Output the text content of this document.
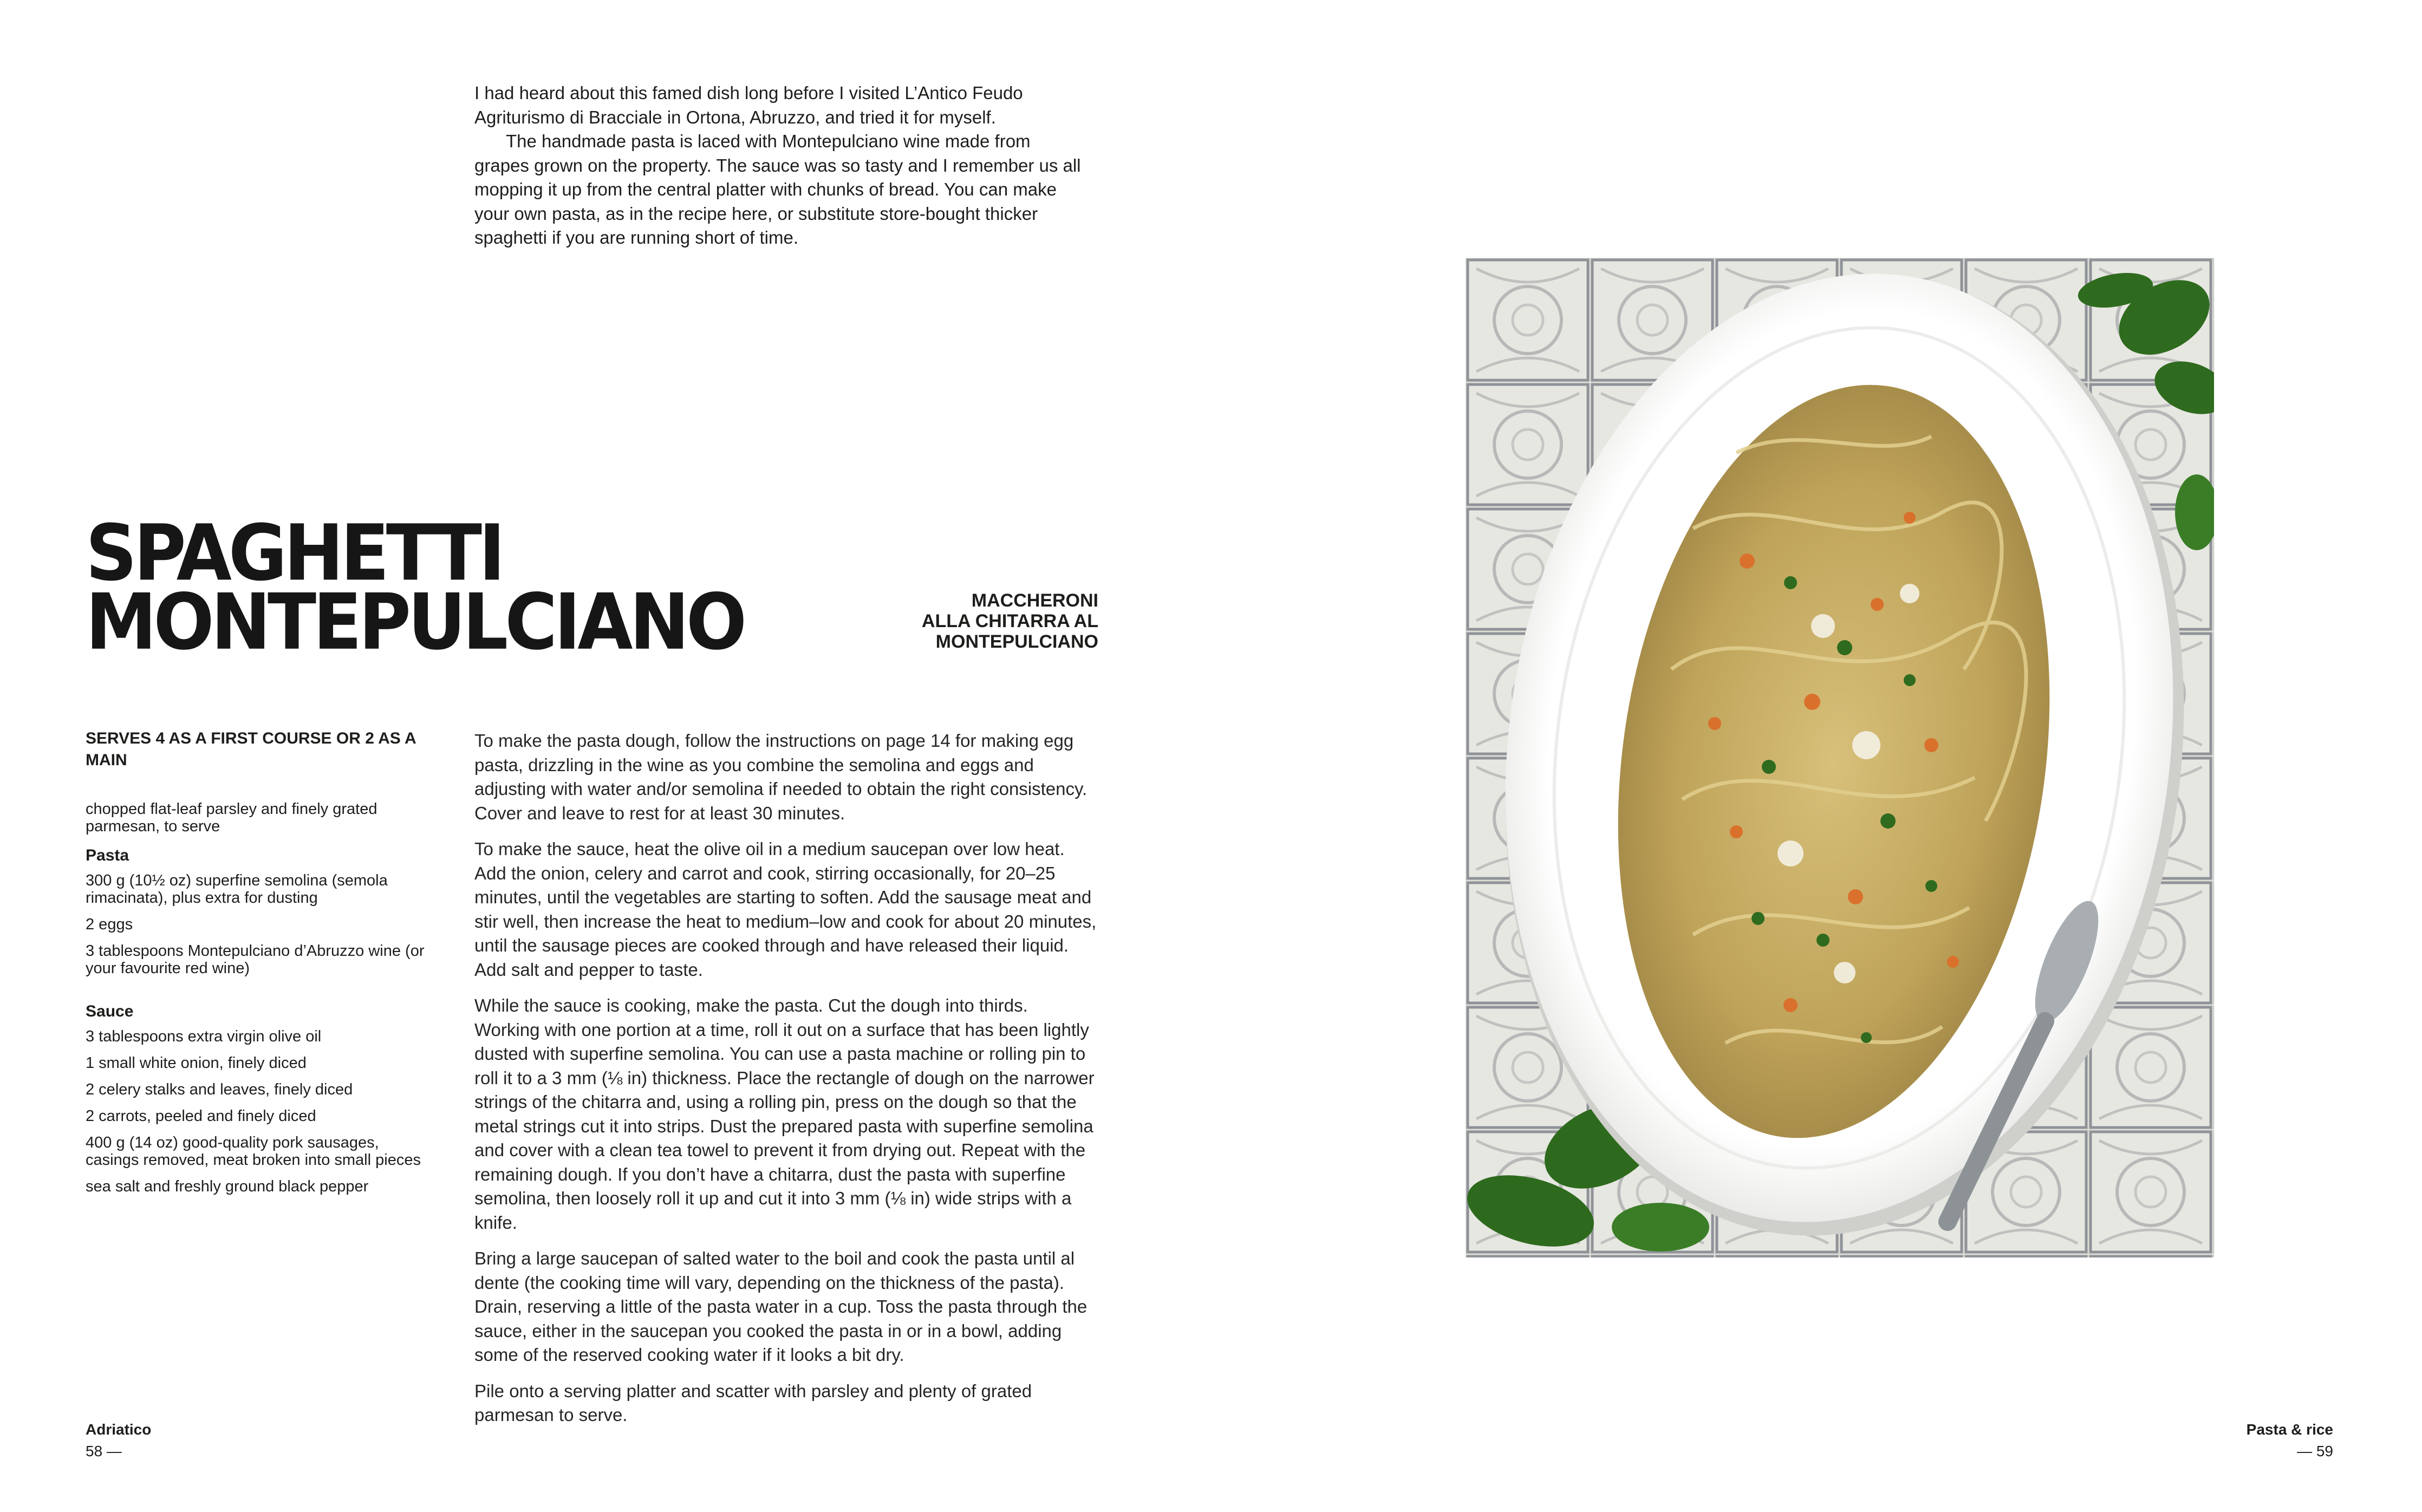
I had heard about this famed dish long before I visited L’Antico Feudo Agriturismo di Bracciale in Ortona, Abruzzo, and tried it for myself.

The handmade pasta is laced with Montepulciano wine made from grapes grown on the property. The sauce was so tasty and I remember us all mopping it up from the central platter with chunks of bread. You can make your own pasta, as in the recipe here, or substitute store-bought thicker spaghetti if you are running short of time.

SPAGHETTI
MONTEPULCIANO	MACCHERONI
ALLA CHITARRA AL
MONTEPULCIANO

SERVES 4 AS A FIRST COURSE OR 2 AS A MAIN

chopped flat-leaf parsley and finely grated parmesan, to serve
Pasta
300 g (10½ oz) superfine semolina (semola rimacinata), plus extra for dusting
2 eggs
3 tablespoons Montepulciano d’Abruzzo wine (or your favourite red wine)
Sauce
3 tablespoons extra virgin olive oil
1 small white onion, finely diced
2 celery stalks and leaves, finely diced
2 carrots, peeled and finely diced
400 g (14 oz) good-quality pork sausages, casings removed, meat broken into small pieces
sea salt and freshly ground black pepper

To make the pasta dough, follow the instructions on page 14 for making egg pasta, drizzling in the wine as you combine the semolina and eggs and adjusting with water and/or semolina if needed to obtain the right consistency. Cover and leave to rest for at least 30 minutes.

To make the sauce, heat the olive oil in a medium saucepan over low heat. Add the onion, celery and carrot and cook, stirring occasionally, for 20–25 minutes, until the vegetables are starting to soften. Add the sausage meat and stir well, then increase the heat to medium–low and cook for about 20 minutes, until the sausage pieces are cooked through and have released their liquid. Add salt and pepper to taste.

While the sauce is cooking, make the pasta. Cut the dough into thirds. Working with one portion at a time, roll it out on a surface that has been lightly dusted with superfine semolina. You can use a pasta machine or rolling pin to roll it to a 3 mm (⅛ in) thickness. Place the rectangle of dough on the narrower strings of the chitarra and, using a rolling pin, press on the dough so that the metal strings cut it into strips. Dust the prepared pasta with superfine semolina and cover with a clean tea towel to prevent it from drying out. Repeat with the remaining dough. If you don’t have a chitarra, dust the pasta with superfine semolina, then loosely roll it up and cut it into 3 mm (⅛ in) wide strips with a knife.

Bring a large saucepan of salted water to the boil and cook the pasta until al dente (the cooking time will vary, depending on the thickness of the pasta). Drain, reserving a little of the pasta water in a cup. Toss the pasta through the sauce, either in the saucepan you cooked the pasta in or in a bowl, adding some of the reserved cooking water if it looks a bit dry.

Pile onto a serving platter and scatter with parsley and plenty of grated parmesan to serve.

Adriatico
58 —
Pasta & rice
— 59
